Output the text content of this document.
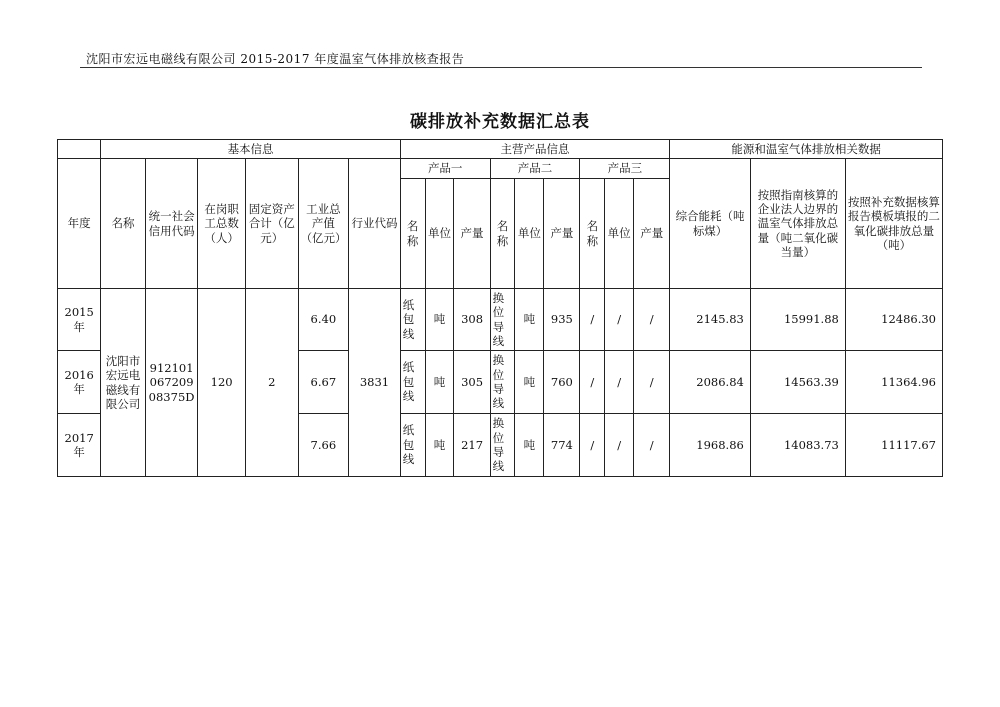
沈阳市宏远电磁线有限公司 2015-2017 年度温室气体排放核查报告
碳排放补充数据汇总表
	基本信息						主营产品信息									能源和温室气体排放相关数据		
年度	名称	统一社会信用代码	在岗职工总数（人）	固定资产合计（亿元）	工业总产值（亿元）	行业代码	产品一			产品二			产品三			综合能耗（吨标煤）	按照指南核算的企业法人边界的温室气体排放总量（吨二氧化碳当量）	按照补充数据核算报告模板填报的二氧化碳排放总量（吨）
							名称	单位	产量	名称	单位	产量	名称	单位	产量			
2015年	沈阳市宏远电磁线有限公司	91210106720908375D	120	2	6.40	3831	纸包线	吨	308	换位导线	吨	935	/	/	/	2145.83	15991.88	12486.30
2016年					6.67		纸包线	吨	305	换位导线	吨	760	/	/	/	2086.84	14563.39	11364.96
2017年					7.66		纸包线	吨	217	换位导线	吨	774	/	/	/	1968.86	14083.73	11117.67
